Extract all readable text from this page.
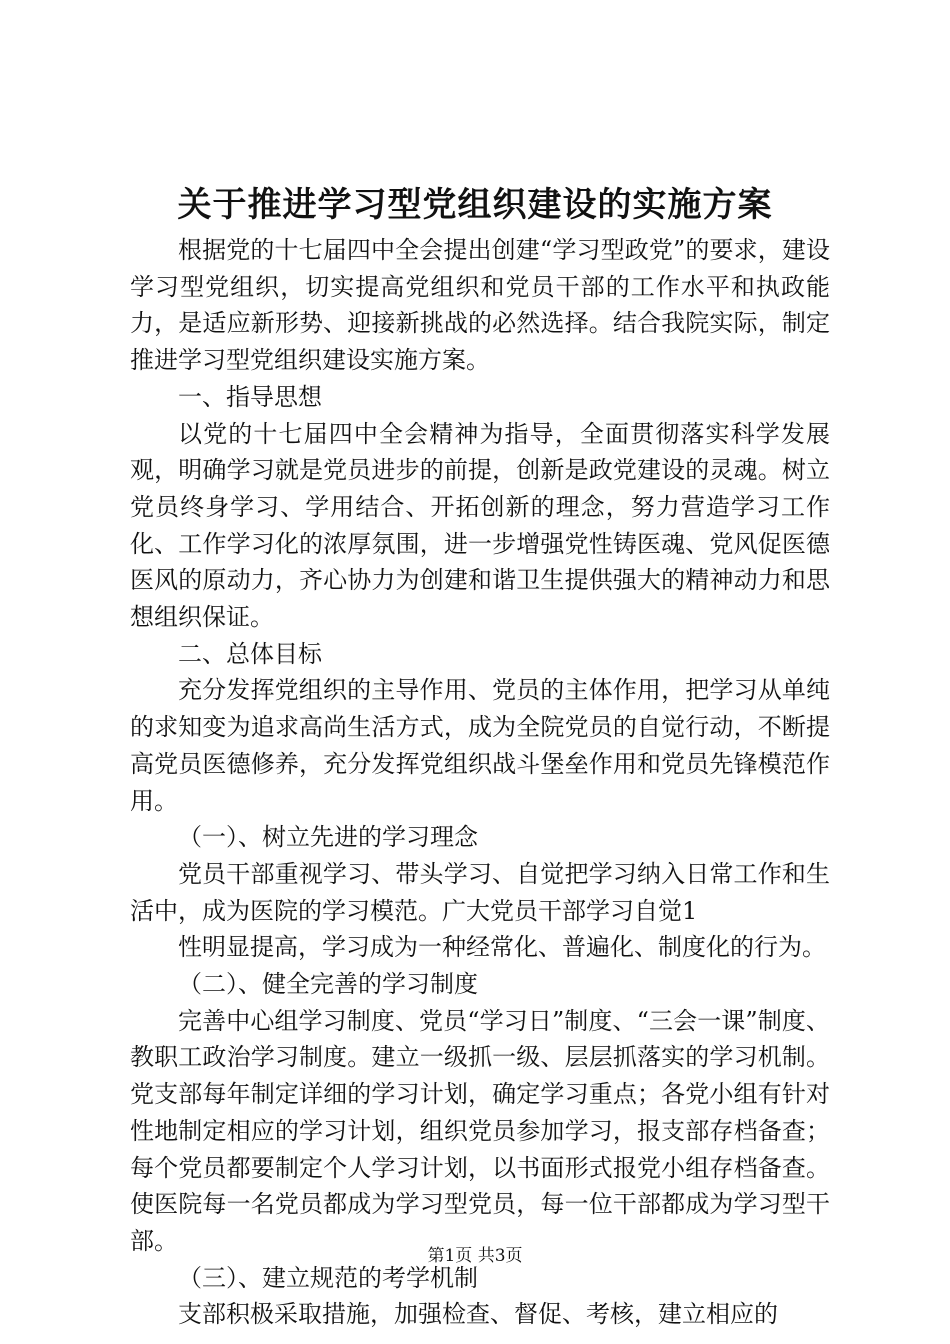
关于推进学习型党组织建设的实施方案

根据党的十七届四中全会提出创建“学习型政党”的要求，建设学习型党组织，切实提高党组织和党员干部的工作水平和执政能力，是适应新形势、迎接新挑战的必然选择。结合我院实际，制定推进学习型党组织建设实施方案。

一、指导思想

以党的十七届四中全会精神为指导，全面贯彻落实科学发展观，明确学习就是党员进步的前提，创新是政党建设的灵魂。树立党员终身学习、学用结合、开拓创新的理念，努力营造学习工作化、工作学习化的浓厚氛围，进一步增强党性铸医魂、党风促医德医风的原动力，齐心协力为创建和谐卫生提供强大的精神动力和思想组织保证。

二、总体目标

充分发挥党组织的主导作用、党员的主体作用，把学习从单纯的求知变为追求高尚生活方式，成为全院党员的自觉行动，不断提高党员医德修养，充分发挥党组织战斗堡垒作用和党员先锋模范作用。

（一）、树立先进的学习理念

党员干部重视学习、带头学习、自觉把学习纳入日常工作和生活中，成为医院的学习模范。广大党员干部学习自觉1

性明显提高，学习成为一种经常化、普遍化、制度化的行为。

（二）、健全完善的学习制度

完善中心组学习制度、党员“学习日”制度、“三会一课”制度、教职工政治学习制度。建立一级抓一级、层层抓落实的学习机制。党支部每年制定详细的学习计划，确定学习重点；各党小组有针对性地制定相应的学习计划，组织党员参加学习，报支部存档备查；每个党员都要制定个人学习计划，以书面形式报党小组存档备查。使医院每一名党员都成为学习型党员，每一位干部都成为学习型干部。

（三）、建立规范的考学机制

支部积极采取措施，加强检查、督促、考核，建立相应的

第1页 共3页
